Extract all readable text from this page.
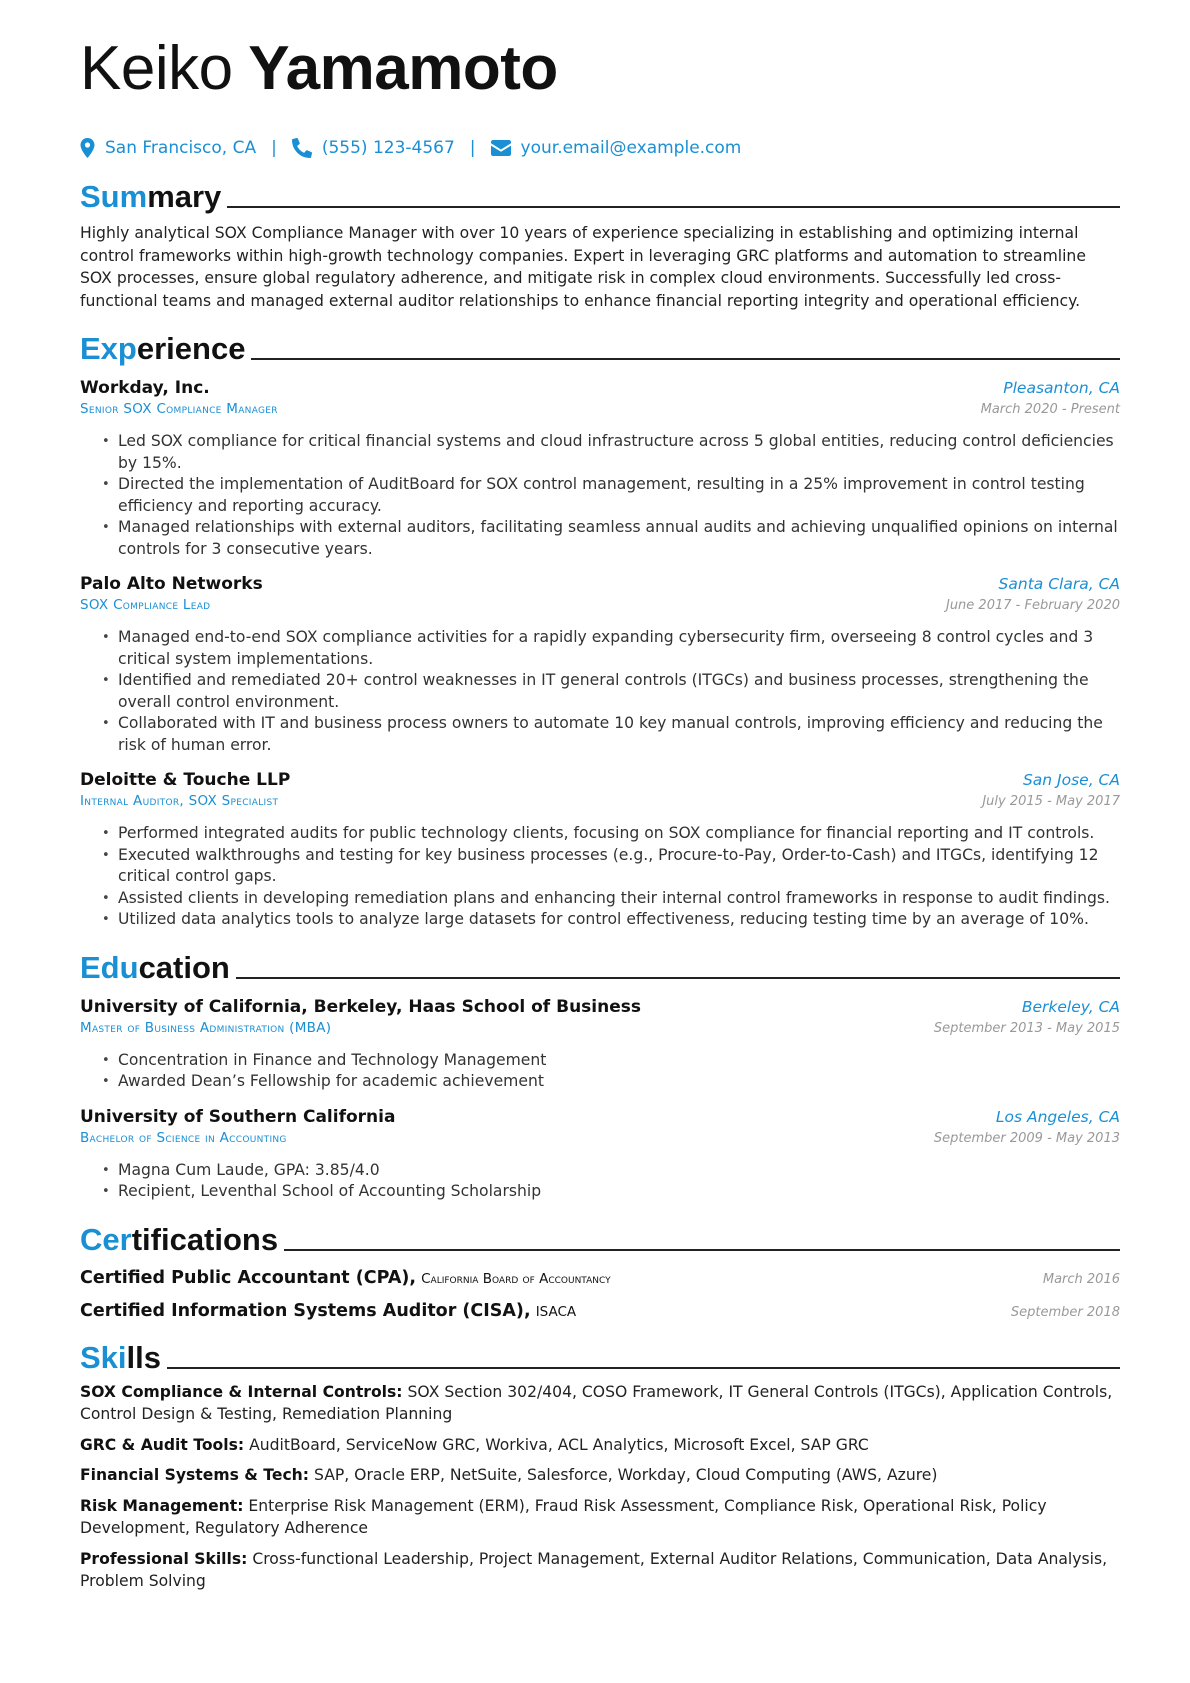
Keiko Yamamoto
San Francisco, CA |	(555) 123-4567 |	your.email@example.com
Summary

Highly analytical SOX Compliance Manager with over 10 years of experience specializing in establishing and optimizing internal control frameworks within high-growth technology companies. Expert in leveraging GRC platforms and automation to streamline SOX processes, ensure global regulatory adherence, and mitigate risk in complex cloud environments. Successfully led cross-functional teams and managed external auditor relationships to enhance financial reporting integrity and operational efficiency.

Experience
Workday, Inc.	Pleasanton, CA
Senior SOX Compliance Manager	March 2020 - Present
• Led SOX compliance for critical financial systems and cloud infrastructure across 5 global entities, reducing control deficiencies by 15%.
• Directed the implementation of AuditBoard for SOX control management, resulting in a 25% improvement in control testing efficiency and reporting accuracy.
• Managed relationships with external auditors, facilitating seamless annual audits and achieving unqualified opinions on internal controls for 3 consecutive years.
Palo Alto Networks	Santa Clara, CA
SOX Compliance Lead	June 2017 - February 2020
• Managed end-to-end SOX compliance activities for a rapidly expanding cybersecurity firm, overseeing 8 control cycles and 3 critical system implementations.
• Identified and remediated 20+ control weaknesses in IT general controls (ITGCs) and business processes, strengthening the overall control environment.
• Collaborated with IT and business process owners to automate 10 key manual controls, improving efficiency and reducing the risk of human error.
Deloitte & Touche LLP	San Jose, CA
Internal Auditor, SOX Specialist	July 2015 - May 2017
• Performed integrated audits for public technology clients, focusing on SOX compliance for financial reporting and IT controls.
• Executed walkthroughs and testing for key business processes (e.g., Procure-to-Pay, Order-to-Cash) and ITGCs, identifying 12 critical control gaps.
• Assisted clients in developing remediation plans and enhancing their internal control frameworks in response to audit findings.
• Utilized data analytics tools to analyze large datasets for control effectiveness, reducing testing time by an average of 10%.
Education
University of California, Berkeley, Haas School of Business	Berkeley, CA
Master of Business Administration (MBA)	September 2013 - May 2015
• Concentration in Finance and Technology Management
• Awarded Dean’s Fellowship for academic achievement
University of Southern California	Los Angeles, CA
Bachelor of Science in Accounting	September 2009 - May 2013
• Magna Cum Laude, GPA: 3.85/4.0
• Recipient, Leventhal School of Accounting Scholarship
Certifications
Certified Public Accountant (CPA), California Board of Accountancy	March 2016
Certified Information Systems Auditor (CISA), ISACA	September 2018
Skills
SOX Compliance & Internal Controls: SOX Section 302/404, COSO Framework, IT General Controls (ITGCs), Application Controls, Control Design & Testing, Remediation Planning
GRC & Audit Tools: AuditBoard, ServiceNow GRC, Workiva, ACL Analytics, Microsoft Excel, SAP GRC
Financial Systems & Tech: SAP, Oracle ERP, NetSuite, Salesforce, Workday, Cloud Computing (AWS, Azure)
Risk Management: Enterprise Risk Management (ERM), Fraud Risk Assessment, Compliance Risk, Operational Risk, Policy Development, Regulatory Adherence
Professional Skills: Cross-functional Leadership, Project Management, External Auditor Relations, Communication, Data Analysis, Problem Solving
